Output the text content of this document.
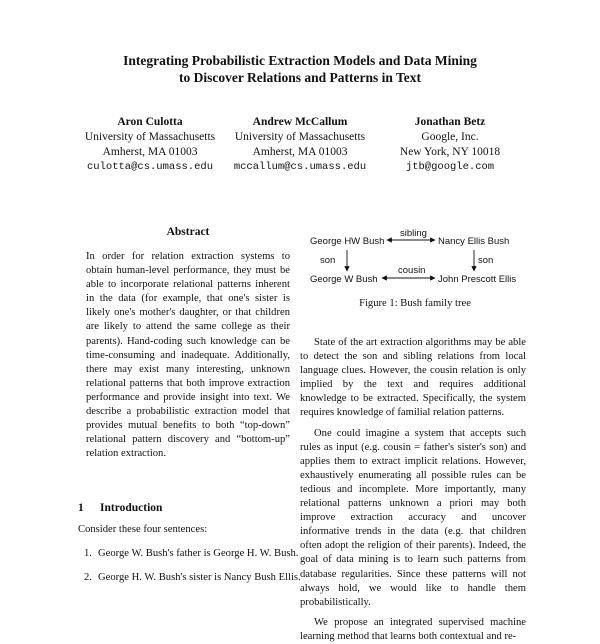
Integrating Probabilistic Extraction Models and Data Mining
to Discover Relations and Patterns in Text
Aron Culotta
University of Massachusetts
Amherst, MA 01003
culotta@cs.umass.edu
Andrew McCallum
University of Massachusetts
Amherst, MA 01003
mccallum@cs.umass.edu
Jonathan Betz
Google, Inc.
New York, NY 10018
jtb@google.com
Abstract

In order for relation extraction systems to obtain human-level performance, they must be able to incorporate relational patterns inherent in the data (for example, that one's sister is likely one's mother's daughter, or that children are likely to attend the same college as their parents). Hand-coding such knowledge can be time-consuming and inadequate. Additionally, there may exist many interesting, unknown relational patterns that both improve extraction performance and provide insight into text. We describe a probabilistic extraction model that provides mutual benefits to both “top-down” relational pattern discovery and “bottom-up” relation extraction.

1 Introduction
Consider these four sentences:
1. George W. Bush's father is George H. W. Bush.
2. George H. W. Bush's sister is Nancy Bush Ellis.
George HW Bush	Nancy Ellis Bush
George W Bush	John Prescott Ellis
sibling
son	son
cousin
Figure 1: Bush family tree

State of the art extraction algorithms may be able to detect the son and sibling relations from local language clues. However, the cousin relation is only implied by the text and requires additional knowledge to be extracted. Specifically, the system requires knowledge of familial relation patterns.

One could imagine a system that accepts such rules as input (e.g. cousin = father's sister's son) and applies them to extract implicit relations. However, exhaustively enumerating all possible rules can be tedious and incomplete. More importantly, many relational patterns unknown a priori may both improve extraction accuracy and uncover informative trends in the data (e.g. that children often adopt the religion of their parents). Indeed, the goal of data mining is to learn such patterns from database regularities. Since these patterns will not always hold, we would like to handle them probabilistically.

We propose an integrated supervised machine learning method that learns both contextual and re-
